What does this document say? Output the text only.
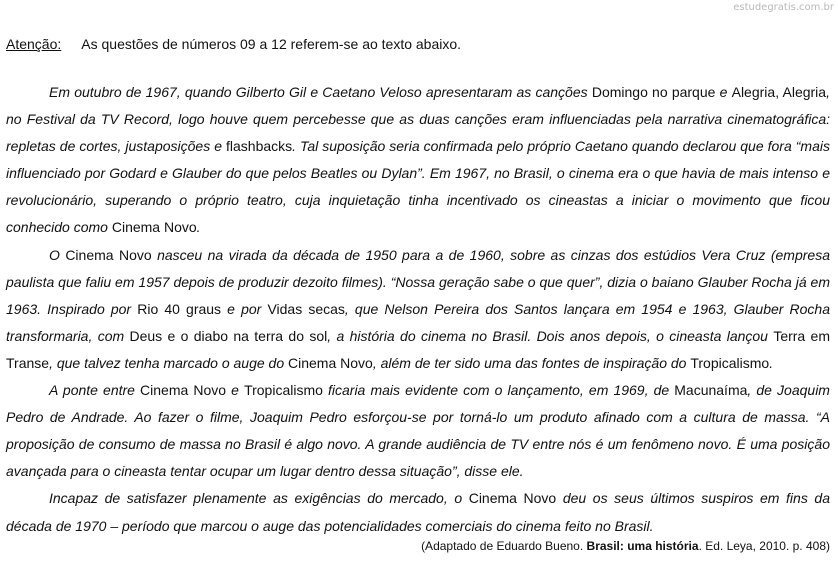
estudegratis.com.br
Atenção: As questões de números 09 a 12 referem-se ao texto abaixo.

Em outubro de 1967, quando Gilberto Gil e Caetano Veloso apresentaram as canções Domingo no parque e Alegria, Alegria, no Festival da TV Record, logo houve quem percebesse que as duas canções eram influenciadas pela narrativa cinematográfica: repletas de cortes, justaposições e flashbacks. Tal suposição seria confirmada pelo próprio Caetano quando declarou que fora “mais influenciado por Godard e Glauber do que pelos Beatles ou Dylan”. Em 1967, no Brasil, o cinema era o que havia de mais intenso e revolucionário, superando o próprio teatro, cuja inquietação tinha incentivado os cineastas a iniciar o movimento que ficou conhecido como Cinema Novo.

O Cinema Novo nasceu na virada da década de 1950 para a de 1960, sobre as cinzas dos estúdios Vera Cruz (empresa paulista que faliu em 1957 depois de produzir dezoito filmes). “Nossa geração sabe o que quer”, dizia o baiano Glauber Rocha já em 1963. Inspirado por Rio 40 graus e por Vidas secas, que Nelson Pereira dos Santos lançara em 1954 e 1963, Glauber Rocha transformaria, com Deus e o diabo na terra do sol, a história do cinema no Brasil. Dois anos depois, o cineasta lançou Terra em Transe, que talvez tenha marcado o auge do Cinema Novo, além de ter sido uma das fontes de inspiração do Tropicalismo.

A ponte entre Cinema Novo e Tropicalismo ficaria mais evidente com o lançamento, em 1969, de Macunaíma, de Joaquim Pedro de Andrade. Ao fazer o filme, Joaquim Pedro esforçou-se por torná-lo um produto afinado com a cultura de massa. “A proposição de consumo de massa no Brasil é algo novo. A grande audiência de TV entre nós é um fenômeno novo. É uma posição avançada para o cineasta tentar ocupar um lugar dentro dessa situação”, disse ele.

Incapaz de satisfazer plenamente as exigências do mercado, o Cinema Novo deu os seus últimos suspiros em fins da década de 1970 – período que marcou o auge das potencialidades comerciais do cinema feito no Brasil.

(Adaptado de Eduardo Bueno. Brasil: uma história. Ed. Leya, 2010. p. 408)
